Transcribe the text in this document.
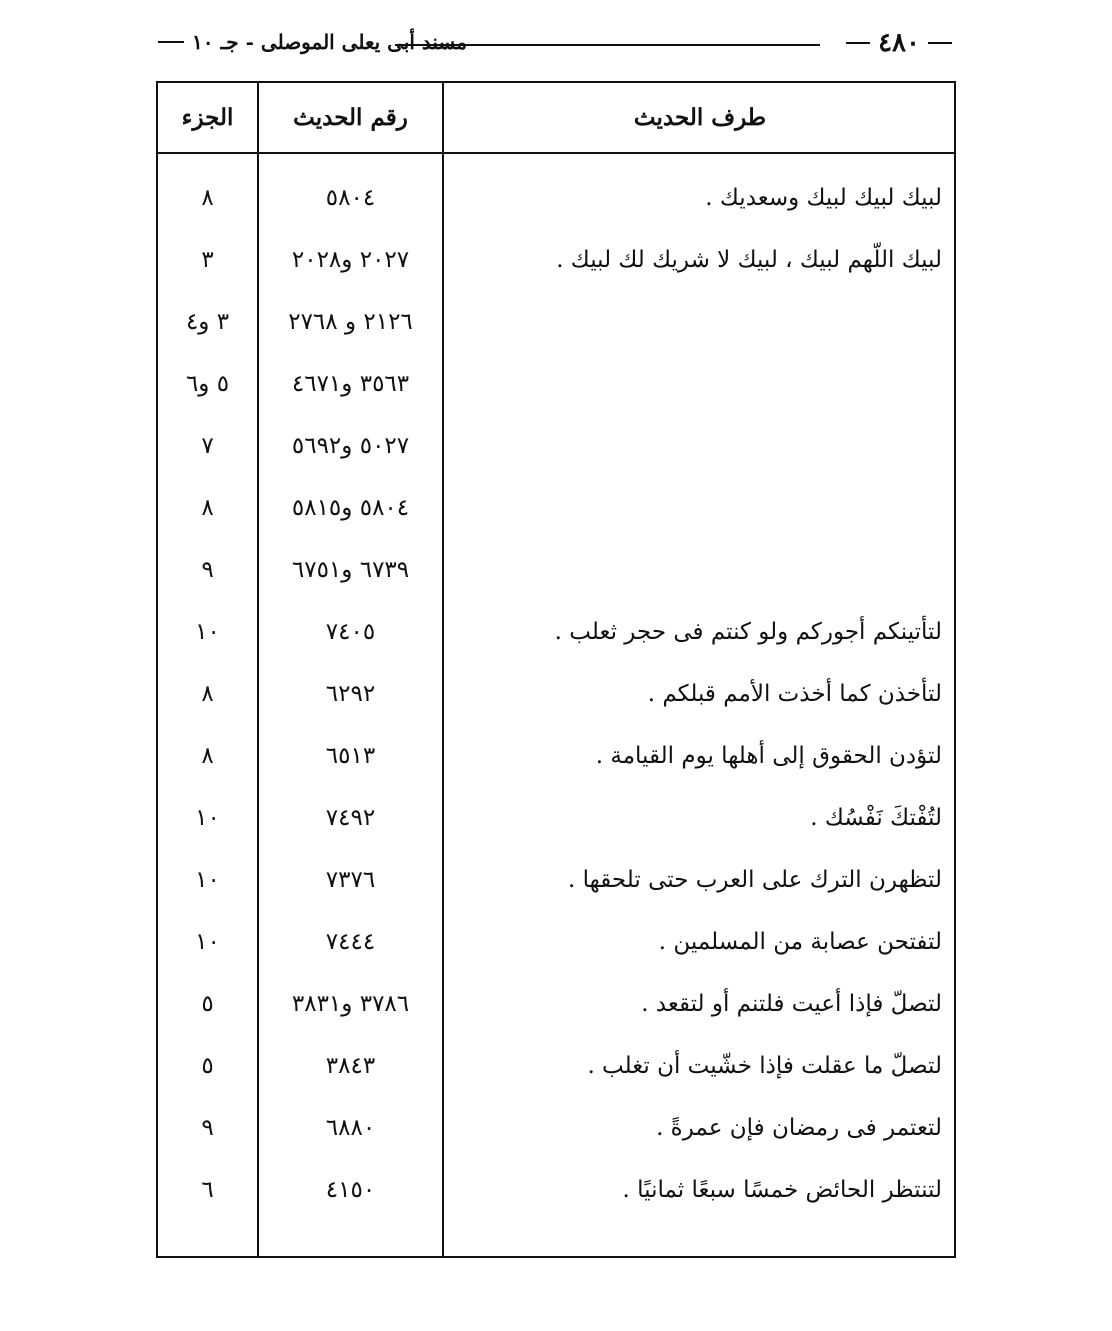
٤٨٠
مسند أبى يعلى الموصلى - جـ ١٠
الجزء	رقم الحديث	طرف الحديث
لبيك لبيك لبيك وسعديك .
٥٨٠٤
٨
لبيك اللّهم لبيك ، لبيك لا شريك لك لبيك .
٢٠٢٧ و٢٠٢٨
٣
٢١٢٦ و ٢٧٦٨
٣ و٤
٣٥٦٣ و٤٦٧١
٥ و٦
٥٠٢٧ و٥٦٩٢
٧
٥٨٠٤ و٥٨١٥
٨
٦٧٣٩ و٦٧٥١
٩
لتأتينكم أجوركم ولو كنتم فى حجر ثعلب .
٧٤٠٥
١٠
لتأخذن كما أخذت الأمم قبلكم .
٦٢٩٢
٨
لتؤدن الحقوق إلى أهلها يوم القيامة .
٦٥١٣
٨
لتُفْتكَ نَفْسُك .
٧٤٩٢
١٠
لتظهرن الترك على العرب حتى تلحقها .
٧٣٧٦
١٠
لتفتحن عصابة من المسلمين .
٧٤٤٤
١٠
لتصلّ فإذا أعيت فلتنم أو لتقعد .
٣٧٨٦ و٣٨٣١
٥
لتصلّ ما عقلت فإذا خشّيت أن تغلب .
٣٨٤٣
٥
لتعتمر فى رمضان فإن عمرةً .
٦٨٨٠
٩
لتنتظر الحائض خمسًا سبعًا ثمانيًا .
٤١٥٠
٦
